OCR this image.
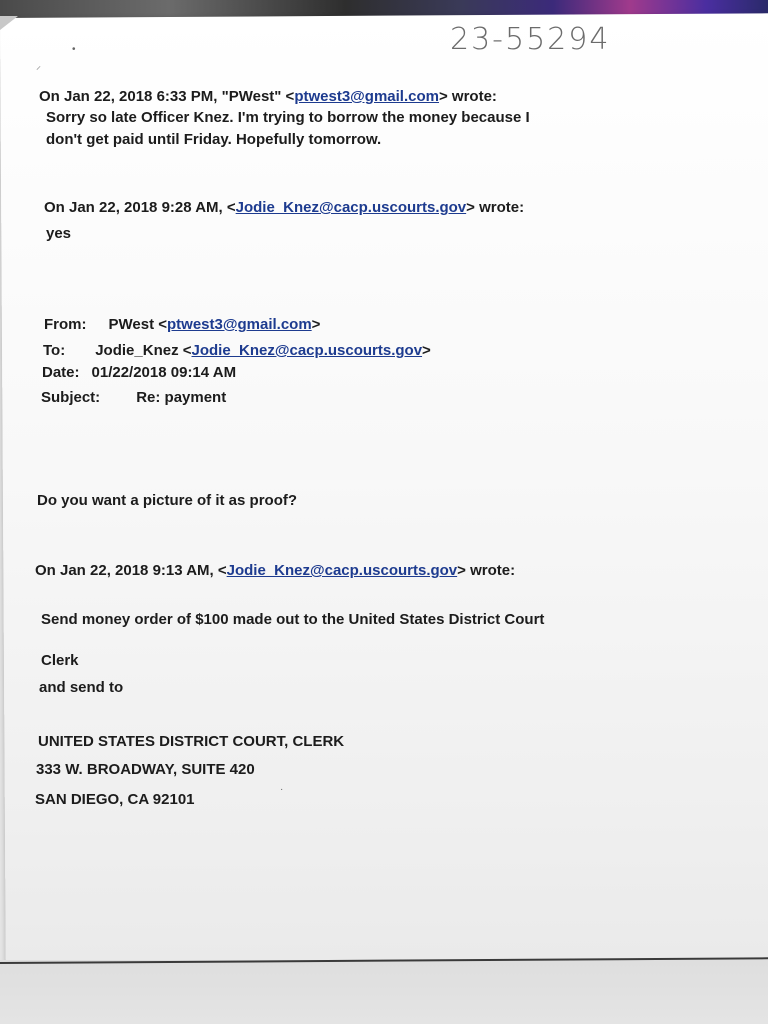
23-55294
•
⸝
On Jan 22, 2018 6:33 PM, "PWest" <ptwest3@gmail.com> wrote:
Sorry so late Officer Knez. I'm trying to borrow the money because I
don't get paid until Friday. Hopefully tomorrow.
On Jan 22, 2018 9:28 AM, <Jodie_Knez@cacp.uscourts.gov> wrote:
yes
From: PWest <ptwest3@gmail.com>
To: Jodie_Knez <Jodie_Knez@cacp.uscourts.gov>
Date: 01/22/2018 09:14 AM
Subject: Re: payment
Do you want a picture of it as proof?
On Jan 22, 2018 9:13 AM, <Jodie_Knez@cacp.uscourts.gov> wrote:
Send money order of $100 made out to the United States District Court
Clerk
and send to
UNITED STATES DISTRICT COURT, CLERK
333 W. BROADWAY, SUITE 420
SAN DIEGO, CA 92101
·
